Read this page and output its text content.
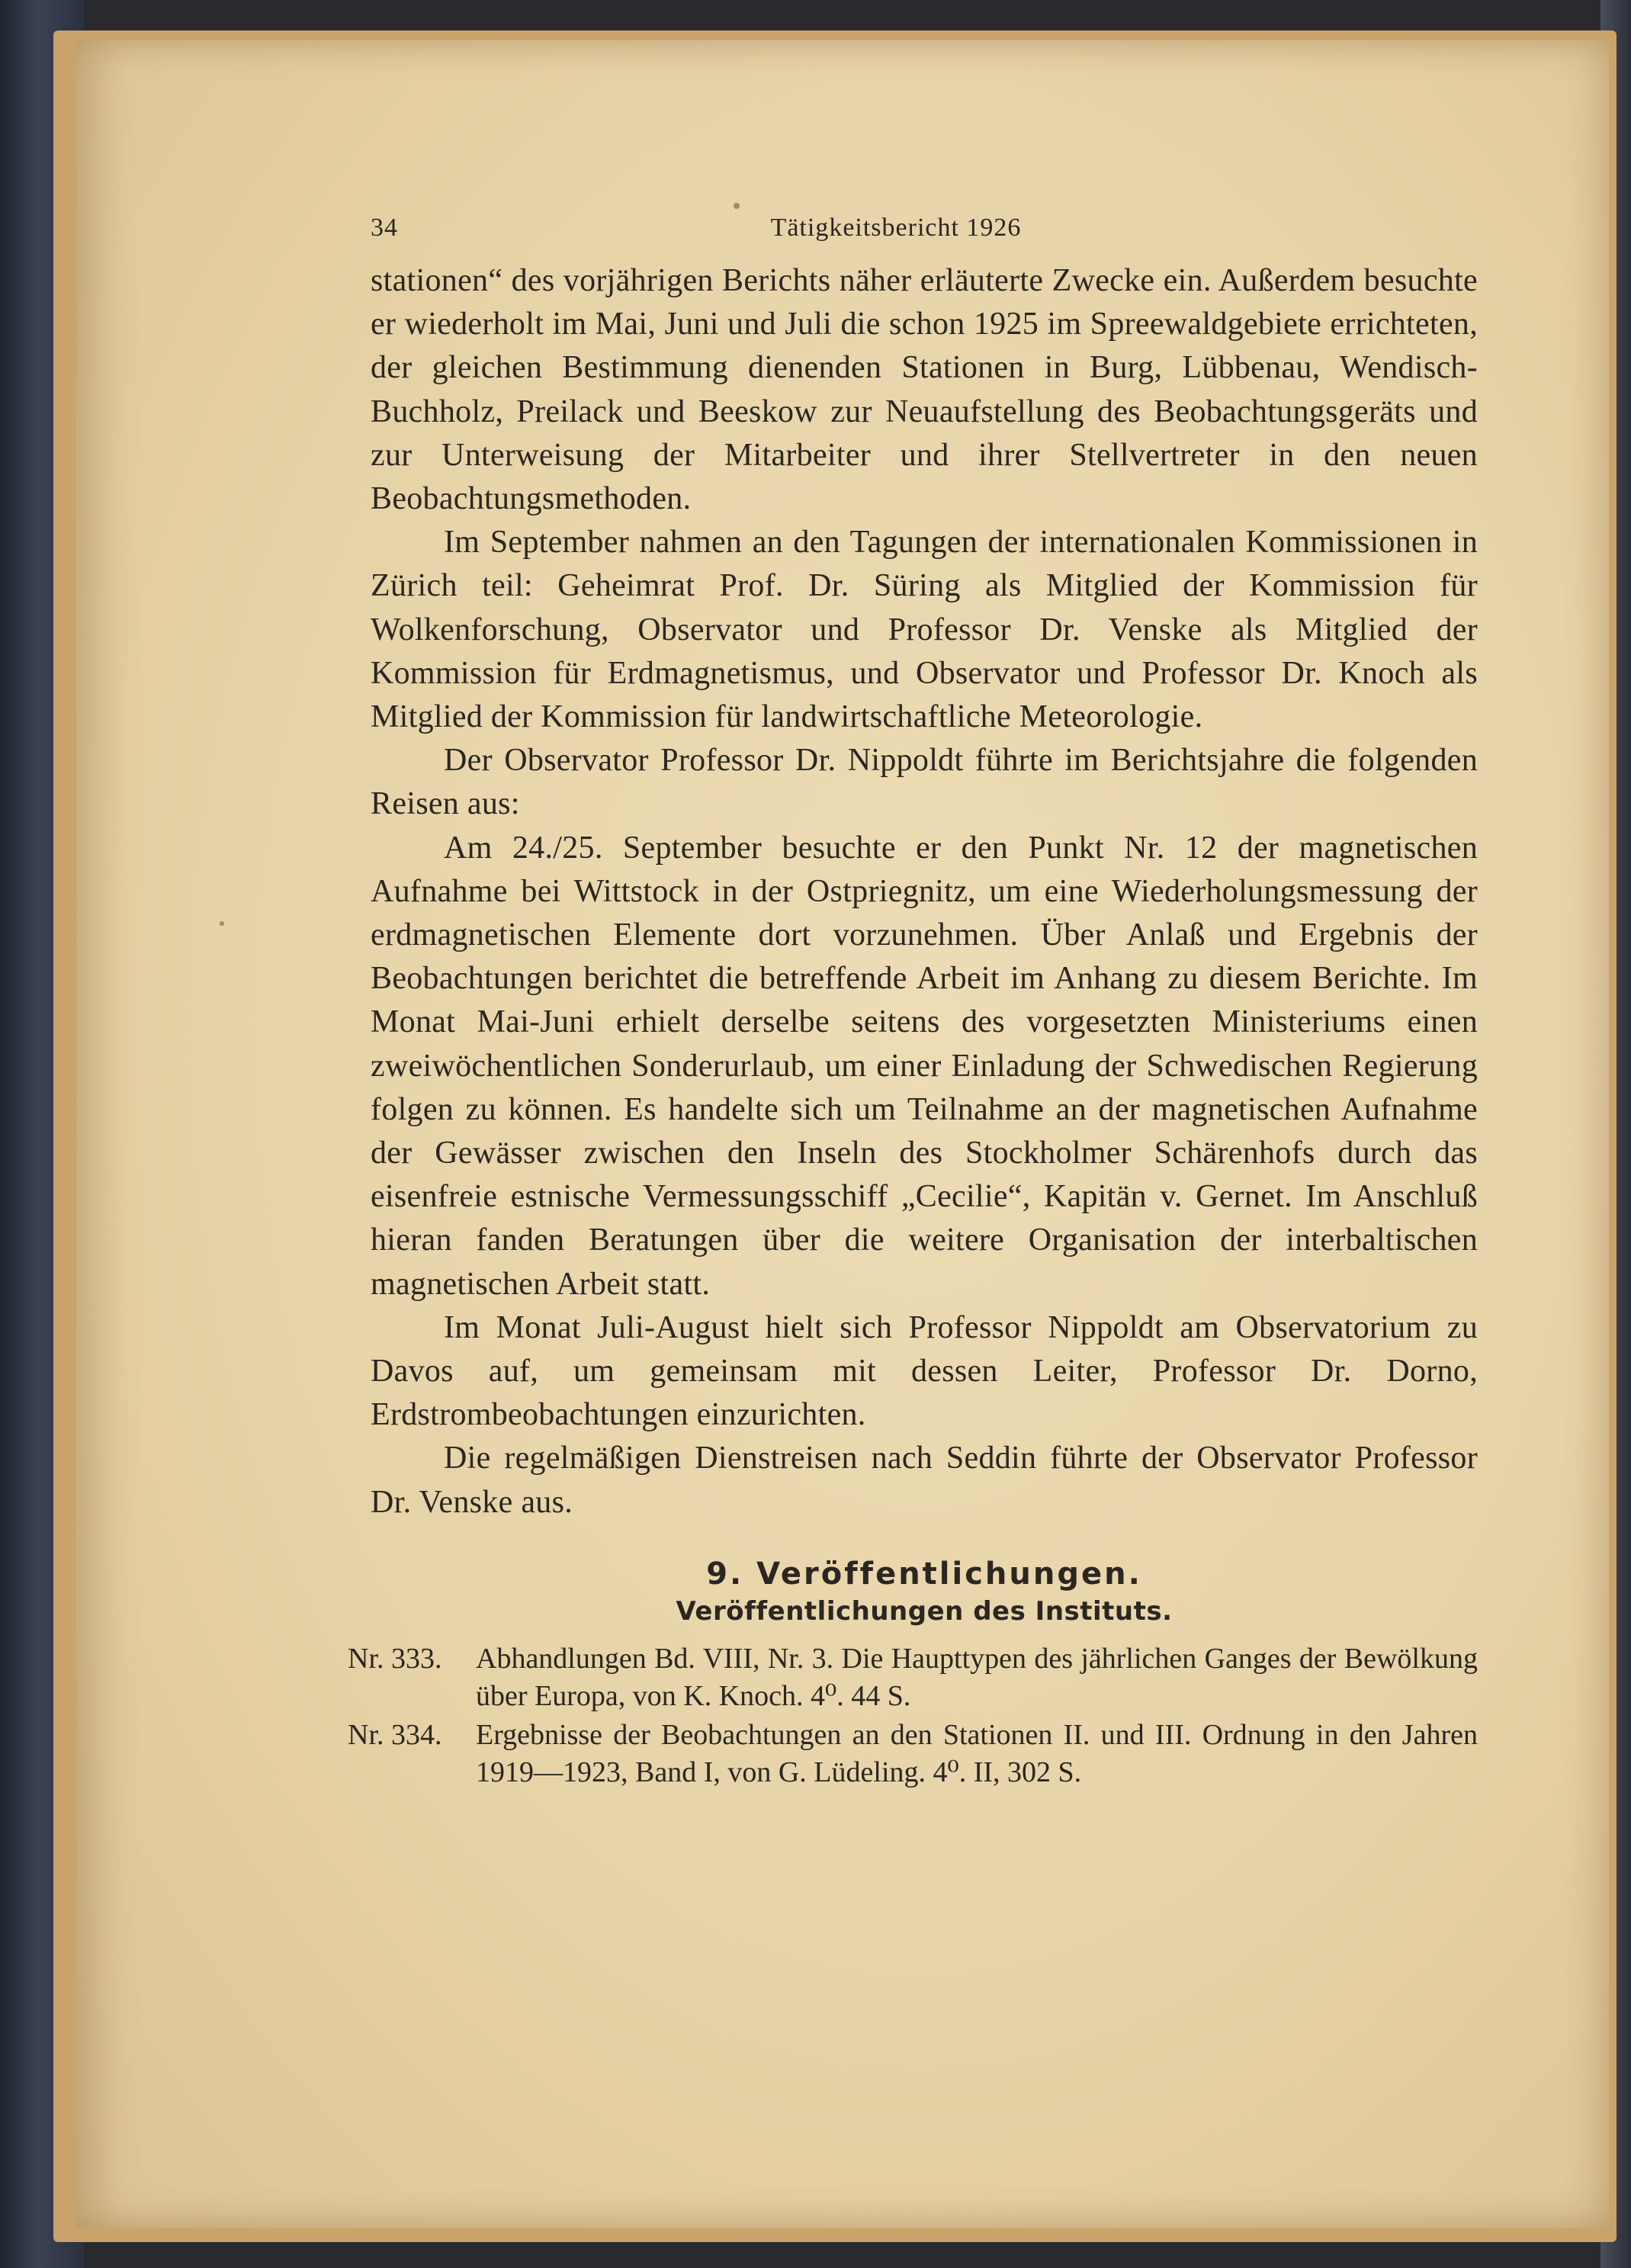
34	Tätigkeitsbericht 1926

stationen“ des vorjährigen Berichts näher erläuterte Zwecke ein. Außerdem besuchte er wiederholt im Mai, Juni und Juli die schon 1925 im Spreewaldgebiete errichteten, der gleichen Bestimmung dienenden Stationen in Burg, Lübbenau, Wendisch-Buchholz, Preilack und Beeskow zur Neuaufstellung des Beobachtungsgeräts und zur Unterweisung der Mitarbeiter und ihrer Stellvertreter in den neuen Beobachtungsmethoden.

Im September nahmen an den Tagungen der internationalen Kommissionen in Zürich teil: Geheimrat Prof. Dr. Süring als Mitglied der Kommission für Wolkenforschung, Observator und Professor Dr. Venske als Mitglied der Kommission für Erdmagnetismus, und Observator und Professor Dr. Knoch als Mitglied der Kommission für landwirtschaftliche Meteorologie.

Der Observator Professor Dr. Nippoldt führte im Berichtsjahre die folgenden Reisen aus:

Am 24./25. September besuchte er den Punkt Nr. 12 der magnetischen Aufnahme bei Wittstock in der Ostpriegnitz, um eine Wiederholungsmessung der erdmagnetischen Elemente dort vorzunehmen. Über Anlaß und Ergebnis der Beobachtungen berichtet die betreffende Arbeit im Anhang zu diesem Berichte. Im Monat Mai-Juni erhielt derselbe seitens des vorgesetzten Ministeriums einen zweiwöchentlichen Sonderurlaub, um einer Einladung der Schwedischen Regierung folgen zu können. Es handelte sich um Teilnahme an der magnetischen Aufnahme der Gewässer zwischen den Inseln des Stockholmer Schärenhofs durch das eisenfreie estnische Vermessungsschiff „Cecilie“, Kapitän v. Gernet. Im Anschluß hieran fanden Beratungen über die weitere Organisation der interbaltischen magnetischen Arbeit statt.

Im Monat Juli-August hielt sich Professor Nippoldt am Observatorium zu Davos auf, um gemeinsam mit dessen Leiter, Professor Dr. Dorno, Erdstrombeobachtungen einzurichten.

Die regelmäßigen Dienstreisen nach Seddin führte der Observator Professor Dr. Venske aus.

9. Veröffentlichungen.
Veröffentlichungen des Instituts.
Nr. 333.	Abhandlungen Bd. VIII, Nr. 3. Die Haupttypen des jährlichen Ganges der Bewölkung über Europa, von K. Knoch. 4⁰. 44 S.
Nr. 334.	Ergebnisse der Beobachtungen an den Stationen II. und III. Ordnung in den Jahren 1919—1923, Band I, von G. Lüdeling. 4⁰. II, 302 S.
